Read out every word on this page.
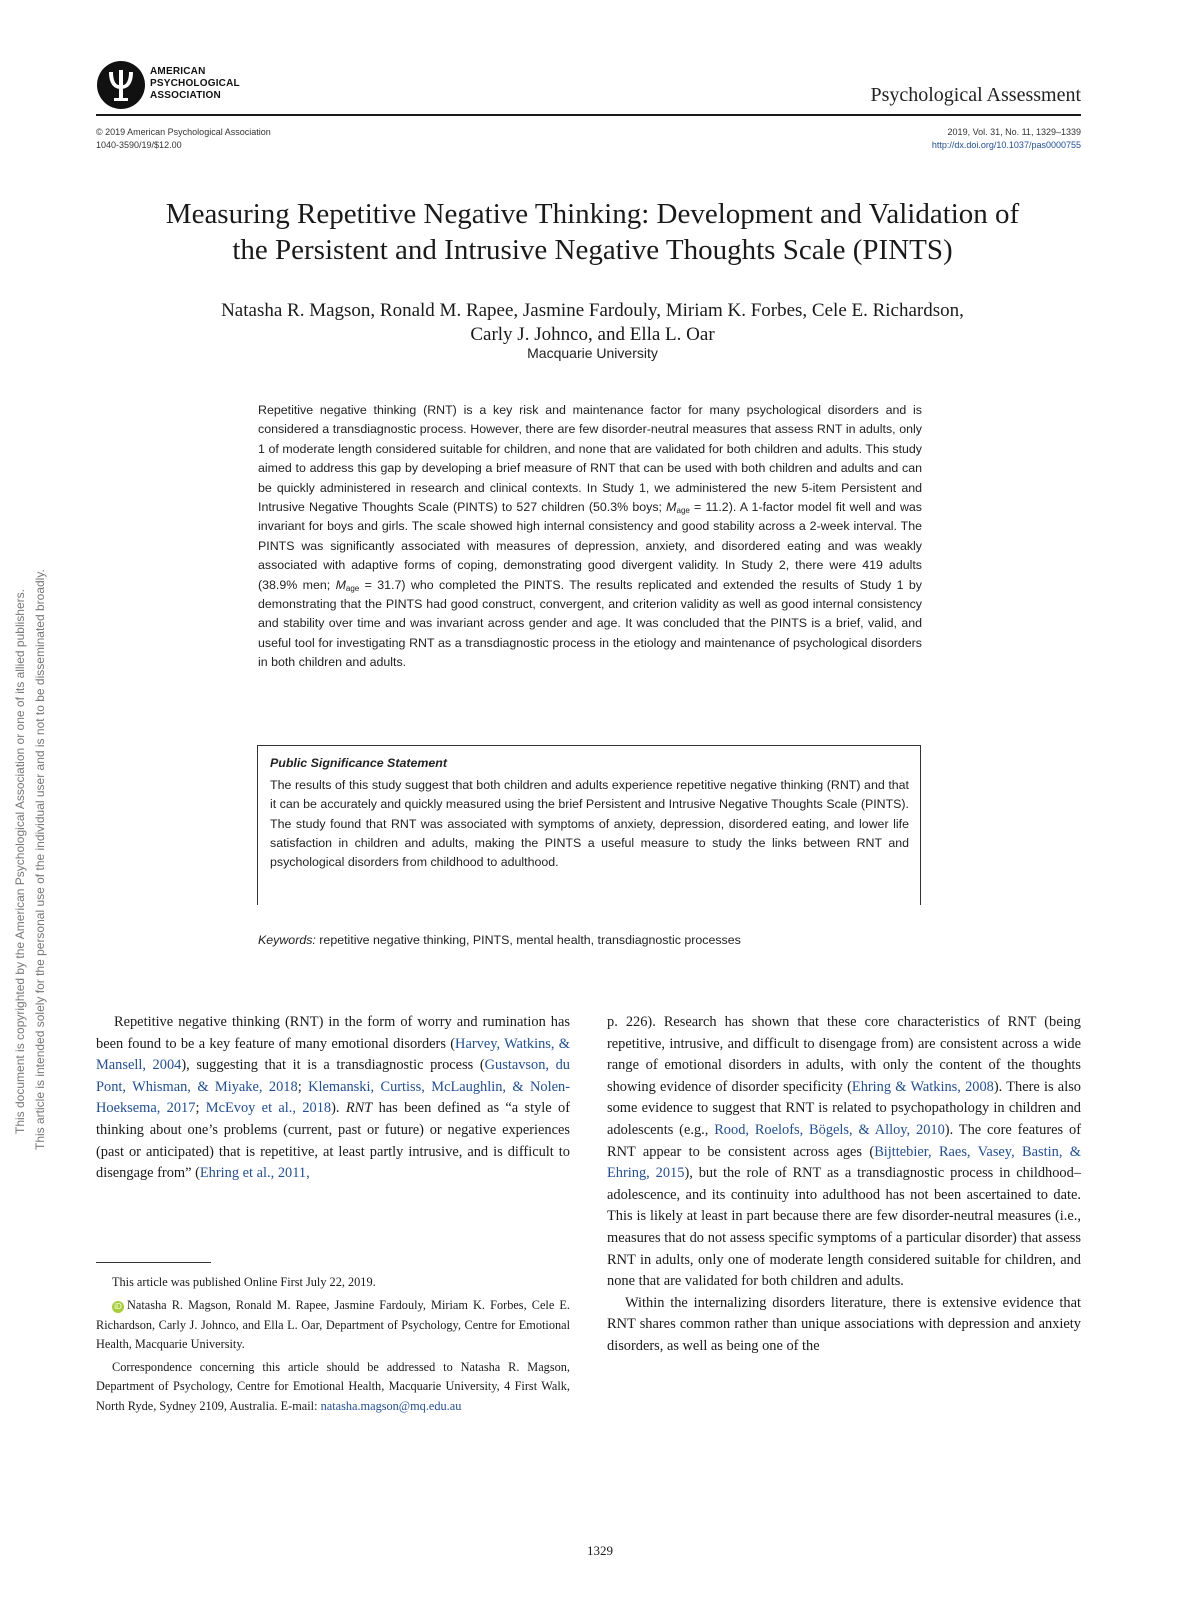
This document is copyrighted by the American Psychological Association or one of its allied publishers. This article is intended solely for the personal use of the individual user and is not to be disseminated broadly.
AMERICAN
PSYCHOLOGICAL
ASSOCIATION	Psychological Assessment
© 2019 American Psychological Association
1040-3590/19/$12.00
2019, Vol. 31, No. 11, 1329–1339
http://dx.doi.org/10.1037/pas0000755
Measuring Repetitive Negative Thinking: Development and Validation of
the Persistent and Intrusive Negative Thoughts Scale (PINTS)
Natasha R. Magson, Ronald M. Rapee, Jasmine Fardouly, Miriam K. Forbes, Cele E. Richardson,
Carly J. Johnco, and Ella L. Oar
Macquarie University
Repetitive negative thinking (RNT) is a key risk and maintenance factor for many psychological disorders and is considered a transdiagnostic process. However, there are few disorder-neutral measures that assess RNT in adults, only 1 of moderate length considered suitable for children, and none that are validated for both children and adults. This study aimed to address this gap by developing a brief measure of RNT that can be used with both children and adults and can be quickly administered in research and clinical contexts. In Study 1, we administered the new 5-item Persistent and Intrusive Negative Thoughts Scale (PINTS) to 527 children (50.3% boys; $M_{age} = 11.2$). A 1-factor model fit well and was invariant for boys and girls. The scale showed high internal consistency and good stability across a 2-week interval. The PINTS was significantly associated with measures of depression, anxiety, and disordered eating and was weakly associated with adaptive forms of coping, demonstrating good divergent validity. In Study 2, there were 419 adults (38.9% men; $M_{age} = 31.7$) who completed the PINTS. The results replicated and extended the results of Study 1 by demonstrating that the PINTS had good construct, convergent, and criterion validity as well as good internal consistency and stability over time and was invariant across gender and age. It was concluded that the PINTS is a brief, valid, and useful tool for investigating RNT as a transdiagnostic process in the etiology and maintenance of psychological disorders in both children and adults.
Public Significance Statement
The results of this study suggest that both children and adults experience repetitive negative thinking (RNT) and that it can be accurately and quickly measured using the brief Persistent and Intrusive Negative Thoughts Scale (PINTS). The study found that RNT was associated with symptoms of anxiety, depression, disordered eating, and lower life satisfaction in children and adults, making the PINTS a useful measure to study the links between RNT and psychological disorders from childhood to adulthood.
Keywords: repetitive negative thinking, PINTS, mental health, transdiagnostic processes
Repetitive negative thinking (RNT) in the form of worry and rumination has been found to be a key feature of many emotional disorders (Harvey, Watkins, & Mansell, 2004), suggesting that it is a transdiagnostic process (Gustavson, du Pont, Whisman, & Miyake, 2018; Klemanski, Curtiss, McLaughlin, & Nolen-Hoeksema, 2017; McEvoy et al., 2018). RNT has been defined as “a style of thinking about one’s problems (current, past or future) or negative experiences (past or anticipated) that is repetitive, at least partly intrusive, and is difficult to disengage from” (Ehring et al., 2011,

This article was published Online First July 22, 2019.

iD Natasha R. Magson, Ronald M. Rapee, Jasmine Fardouly, Miriam K. Forbes, Cele E. Richardson, Carly J. Johnco, and Ella L. Oar, Department of Psychology, Centre for Emotional Health, Macquarie University.

Correspondence concerning this article should be addressed to Natasha R. Magson, Department of Psychology, Centre for Emotional Health, Macquarie University, 4 First Walk, North Ryde, Sydney 2109, Australia. E-mail: natasha.magson@mq.edu.au

p. 226). Research has shown that these core characteristics of RNT (being repetitive, intrusive, and difficult to disengage from) are consistent across a wide range of emotional disorders in adults, with only the content of the thoughts showing evidence of disorder specificity (Ehring & Watkins, 2008). There is also some evidence to suggest that RNT is related to psychopathology in children and adolescents (e.g., Rood, Roelofs, Bögels, & Alloy, 2010). The core features of RNT appear to be consistent across ages (Bijttebier, Raes, Vasey, Bastin, & Ehring, 2015), but the role of RNT as a transdiagnostic process in childhood–adolescence, and its continuity into adulthood has not been ascertained to date. This is likely at least in part because there are few disorder-neutral measures (i.e., measures that do not assess specific symptoms of a particular disorder) that assess RNT in adults, only one of moderate length considered suitable for children, and none that are validated for both children and adults.

Within the internalizing disorders literature, there is extensive evidence that RNT shares common rather than unique associations with depression and anxiety disorders, as well as being one of the

1329
